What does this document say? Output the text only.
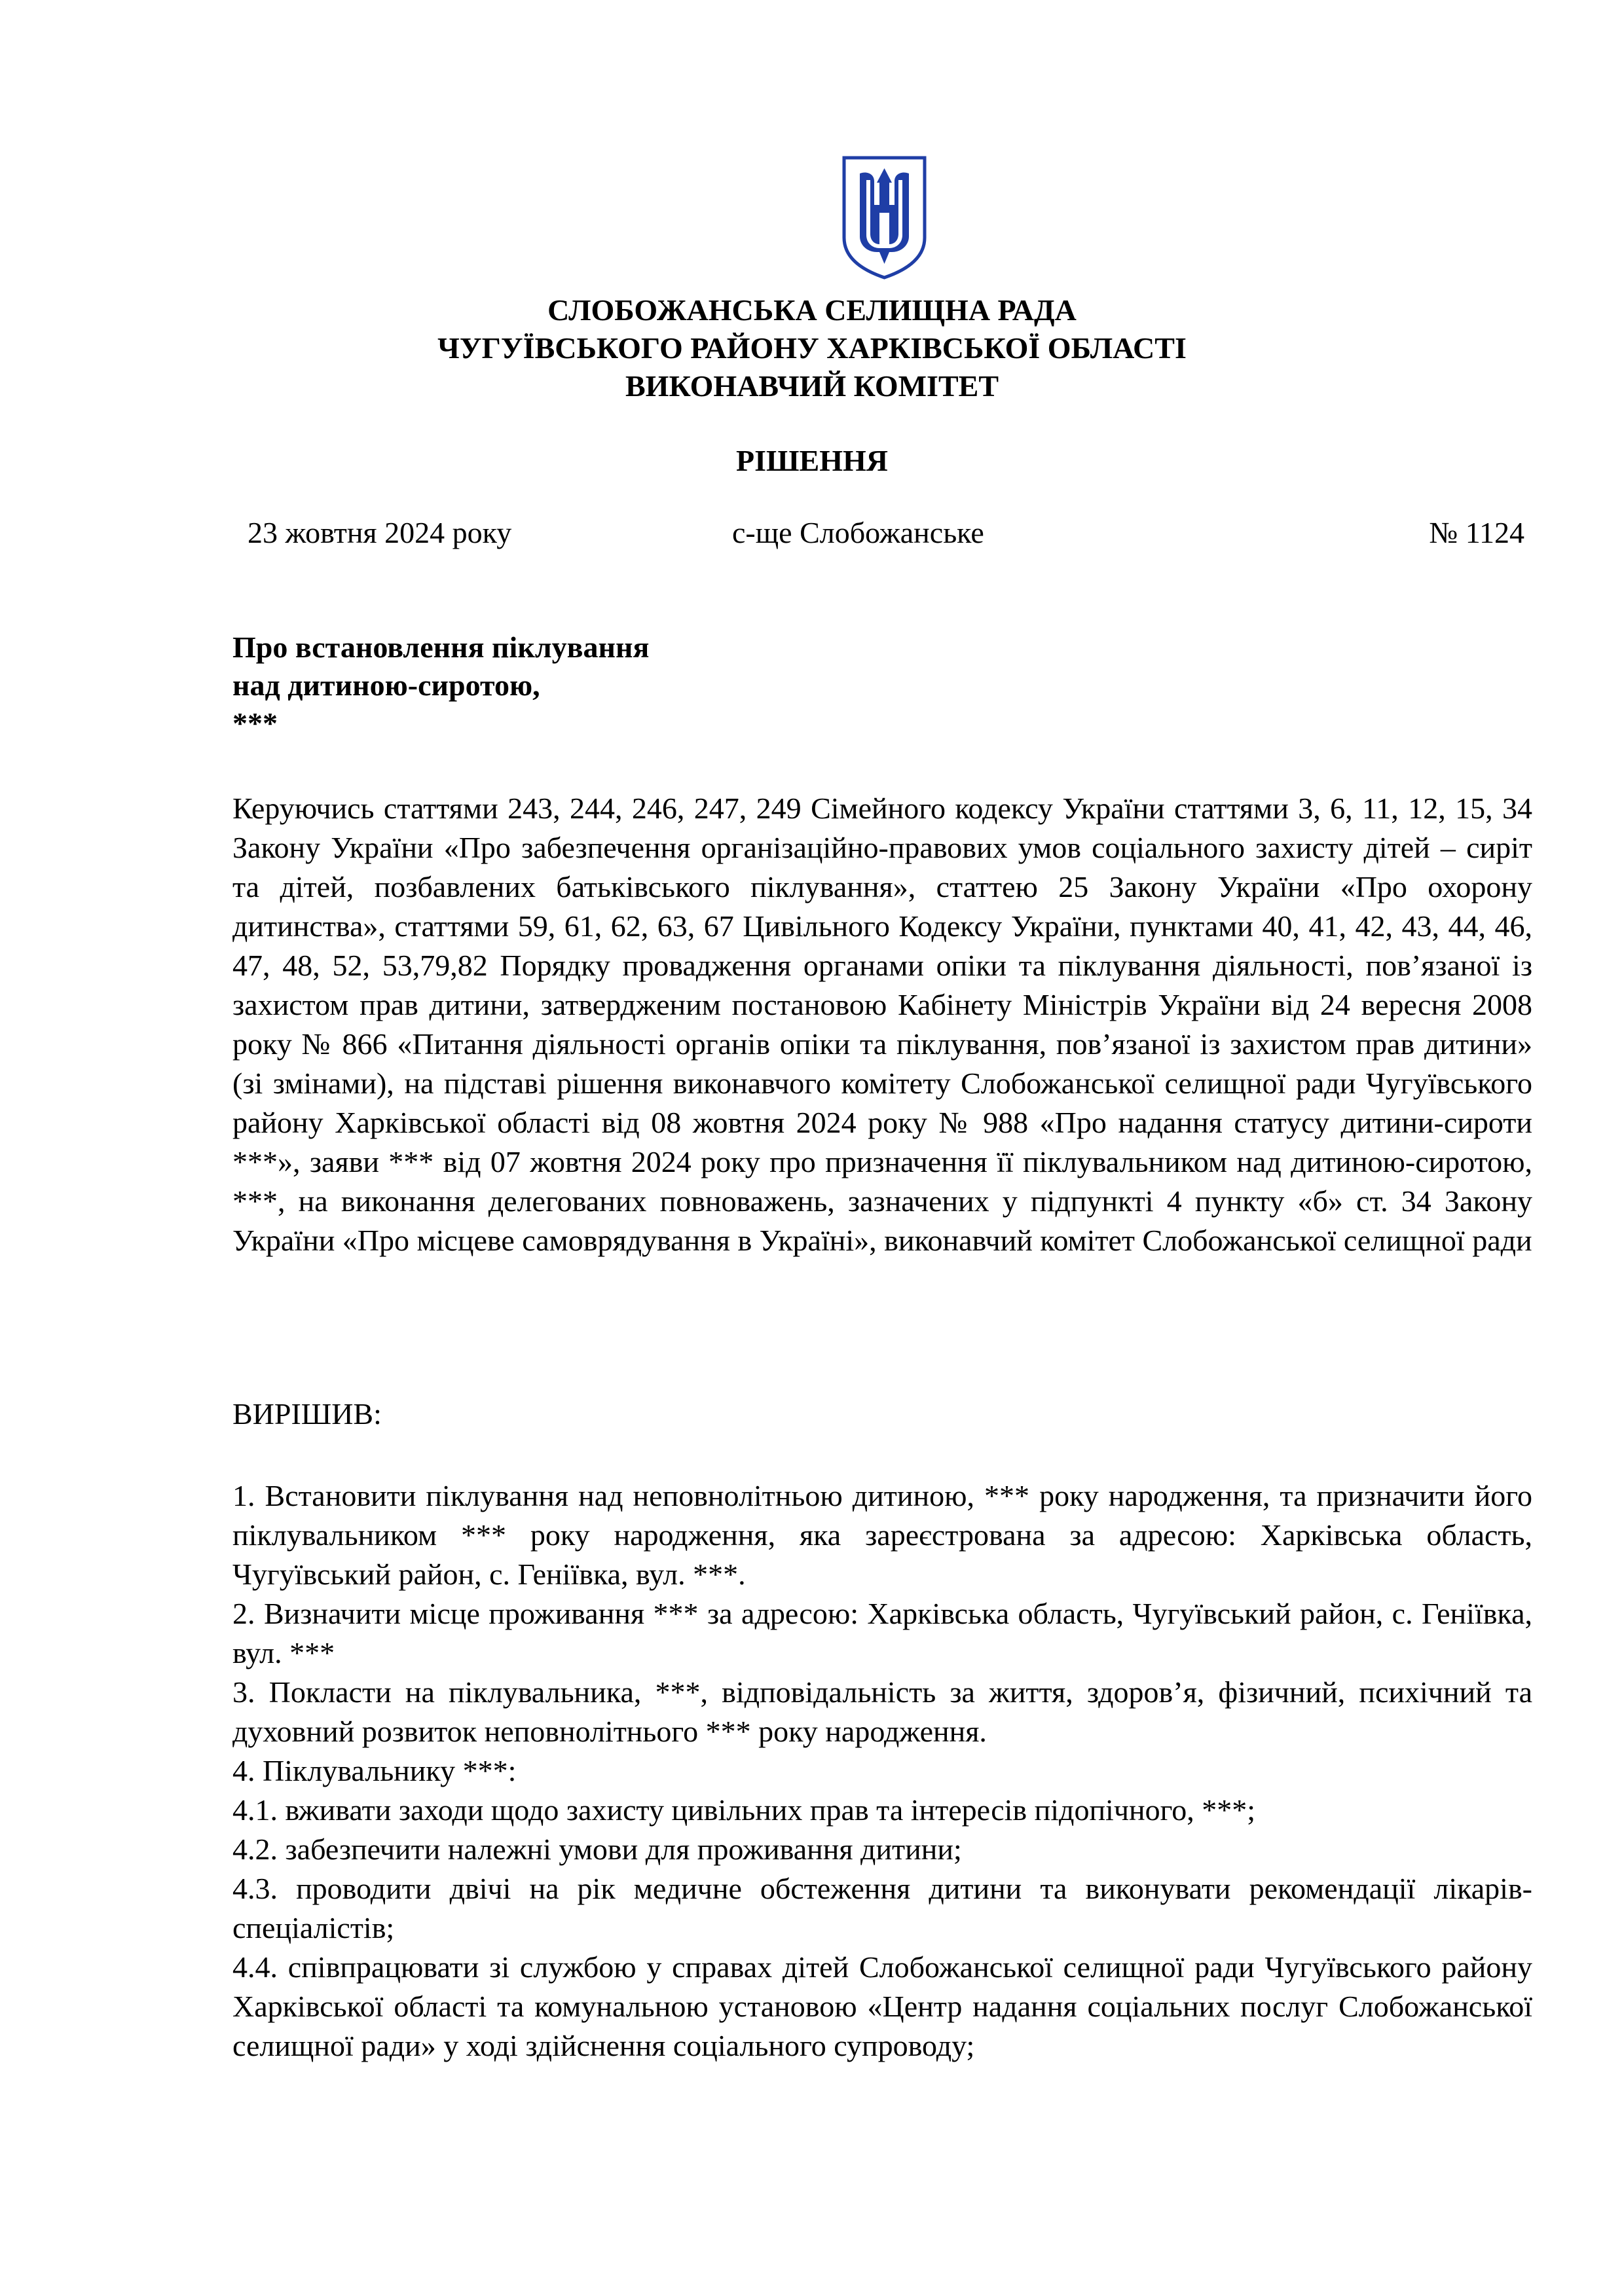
СЛОБОЖАНСЬКА СЕЛИЩНА РАДА
ЧУГУЇВСЬКОГО РАЙОНУ ХАРКІВСЬКОЇ ОБЛАСТІ
ВИКОНАВЧИЙ КОМІТЕТ
РІШЕННЯ
23 жовтня 2024 року	с-ще Слобожанське	№ 1124
Про встановлення піклування
над дитиною-сиротою,
***
Керуючись статтями 243, 244, 246, 247, 249 Сімейного кодексу України статтями 3, 6, 11, 12, 15, 34 Закону України «Про забезпечення організаційно-правових умов соціального захисту дітей – сиріт та дітей, позбавлених батьківського піклування», статтею 25 Закону України «Про охорону дитинства», статтями 59, 61, 62, 63, 67 Цивільного Кодексу України, пунктами 40, 41, 42, 43, 44, 46, 47, 48, 52, 53,79,82 Порядку провадження органами опіки та піклування діяльності, пов’язаної із захистом прав дитини, затвердженим постановою Кабінету Міністрів України від 24 вересня 2008 року № 866 «Питання діяльності органів опіки та піклування, пов’язаної із захистом прав дитини» (зі змінами), на підставі рішення виконавчого комітету Слобожанської селищної ради Чугуївського району Харківської області від 08 жовтня 2024 року № 988 «Про надання статусу дитини-сироти ***», заяви *** від 07 жовтня 2024 року про призначення її піклувальником над дитиною-сиротою, ***, на виконання делегованих повноважень, зазначених у підпункті 4 пункту «б» ст. 34 Закону України «Про місцеве самоврядування в Україні», виконавчий комітет Слобожанської селищної ради
ВИРІШИВ:

1. Встановити піклування над неповнолітньою дитиною, *** року народження, та призначити його піклувальником *** року народження, яка зареєстрована за адресою: Харківська область, Чугуївський район, с. Геніївка, вул. ***.

2. Визначити місце проживання *** за адресою: Харківська область, Чугуївський район, с. Геніївка, вул. ***

3. Покласти на піклувальника, ***, відповідальність за життя, здоров’я, фізичний, психічний та духовний розвиток неповнолітнього *** року народження.

4. Піклувальнику ***:

4.1. вживати заходи щодо захисту цивільних прав та інтересів підопічного, ***;

4.2. забезпечити належні умови для проживання дитини;

4.3. проводити двічі на рік медичне обстеження дитини та виконувати рекомендації лікарів-спеціалістів;

4.4. співпрацювати зі службою у справах дітей Слобожанської селищної ради Чугуївського району Харківської області та комунальною установою «Центр надання соціальних послуг Слобожанської селищної ради» у ході здійснення соціального супроводу;
